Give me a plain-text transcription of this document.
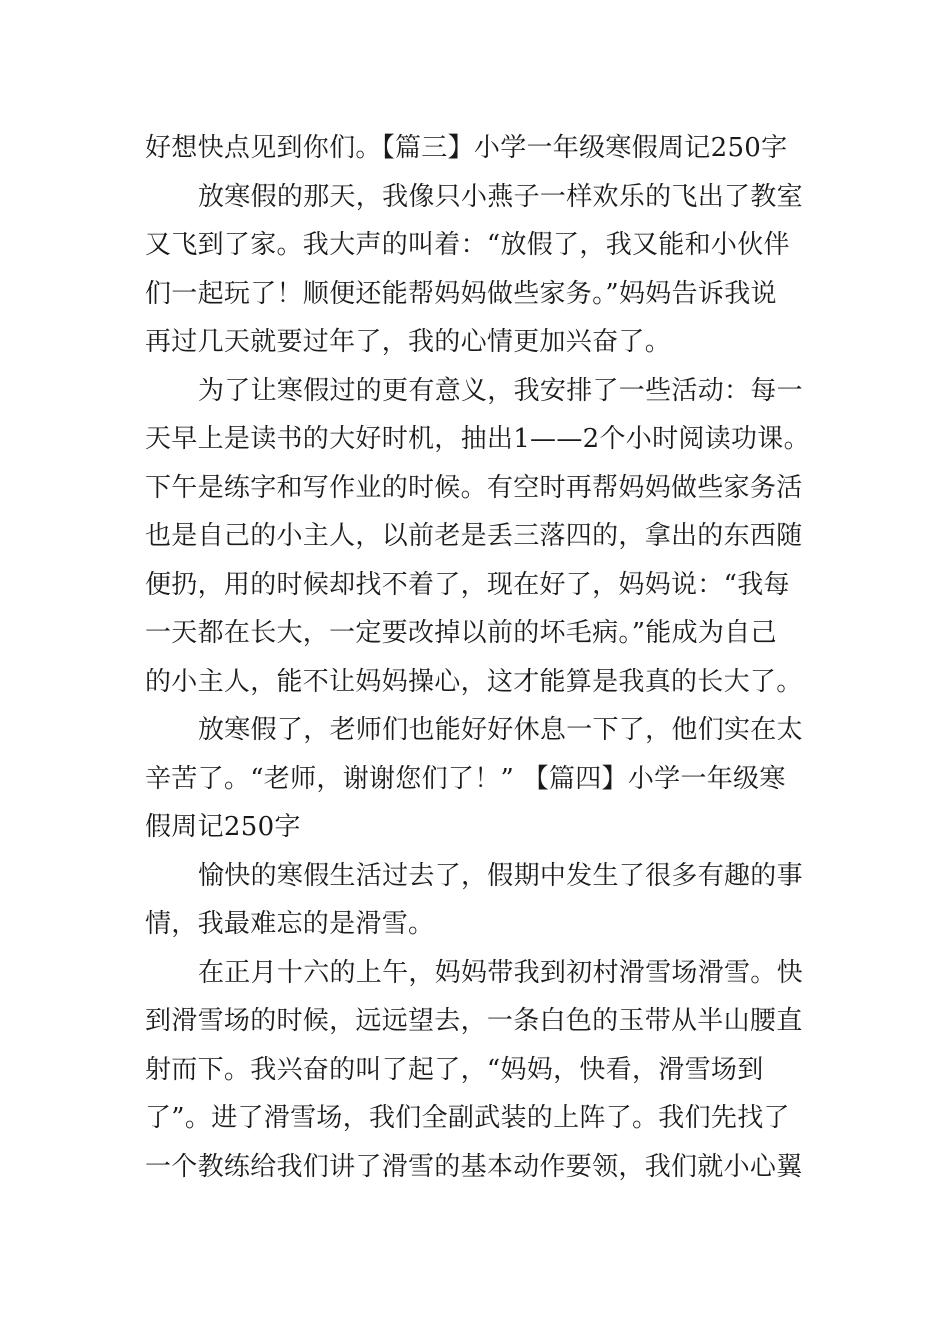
好想快点见到你们。【篇三】小学一年级寒假周记250字
放寒假的那天，我像只小燕子一样欢乐的飞出了教室
又飞到了家。我大声的叫着：“放假了，我又能和小伙伴
们一起玩了！顺便还能帮妈妈做些家务。”妈妈告诉我说
再过几天就要过年了，我的心情更加兴奋了。
为了让寒假过的更有意义，我安排了一些活动：每一
天早上是读书的大好时机，抽出1——2个小时阅读功课。
下午是练字和写作业的时候。有空时再帮妈妈做些家务活
也是自己的小主人，以前老是丢三落四的，拿出的东西随
便扔，用的时候却找不着了，现在好了，妈妈说：“我每
一天都在长大，一定要改掉以前的坏毛病。”能成为自己
的小主人，能不让妈妈操心，这才能算是我真的长大了。
放寒假了，老师们也能好好休息一下了，他们实在太
辛苦了。“老师，谢谢您们了！” 【篇四】小学一年级寒
假周记250字
愉快的寒假生活过去了，假期中发生了很多有趣的事
情，我最难忘的是滑雪。
在正月十六的上午，妈妈带我到初村滑雪场滑雪。快
到滑雪场的时候，远远望去，一条白色的玉带从半山腰直
射而下。我兴奋的叫了起了，“妈妈，快看，滑雪场到
了”。进了滑雪场，我们全副武装的上阵了。我们先找了
一个教练给我们讲了滑雪的基本动作要领，我们就小心翼
